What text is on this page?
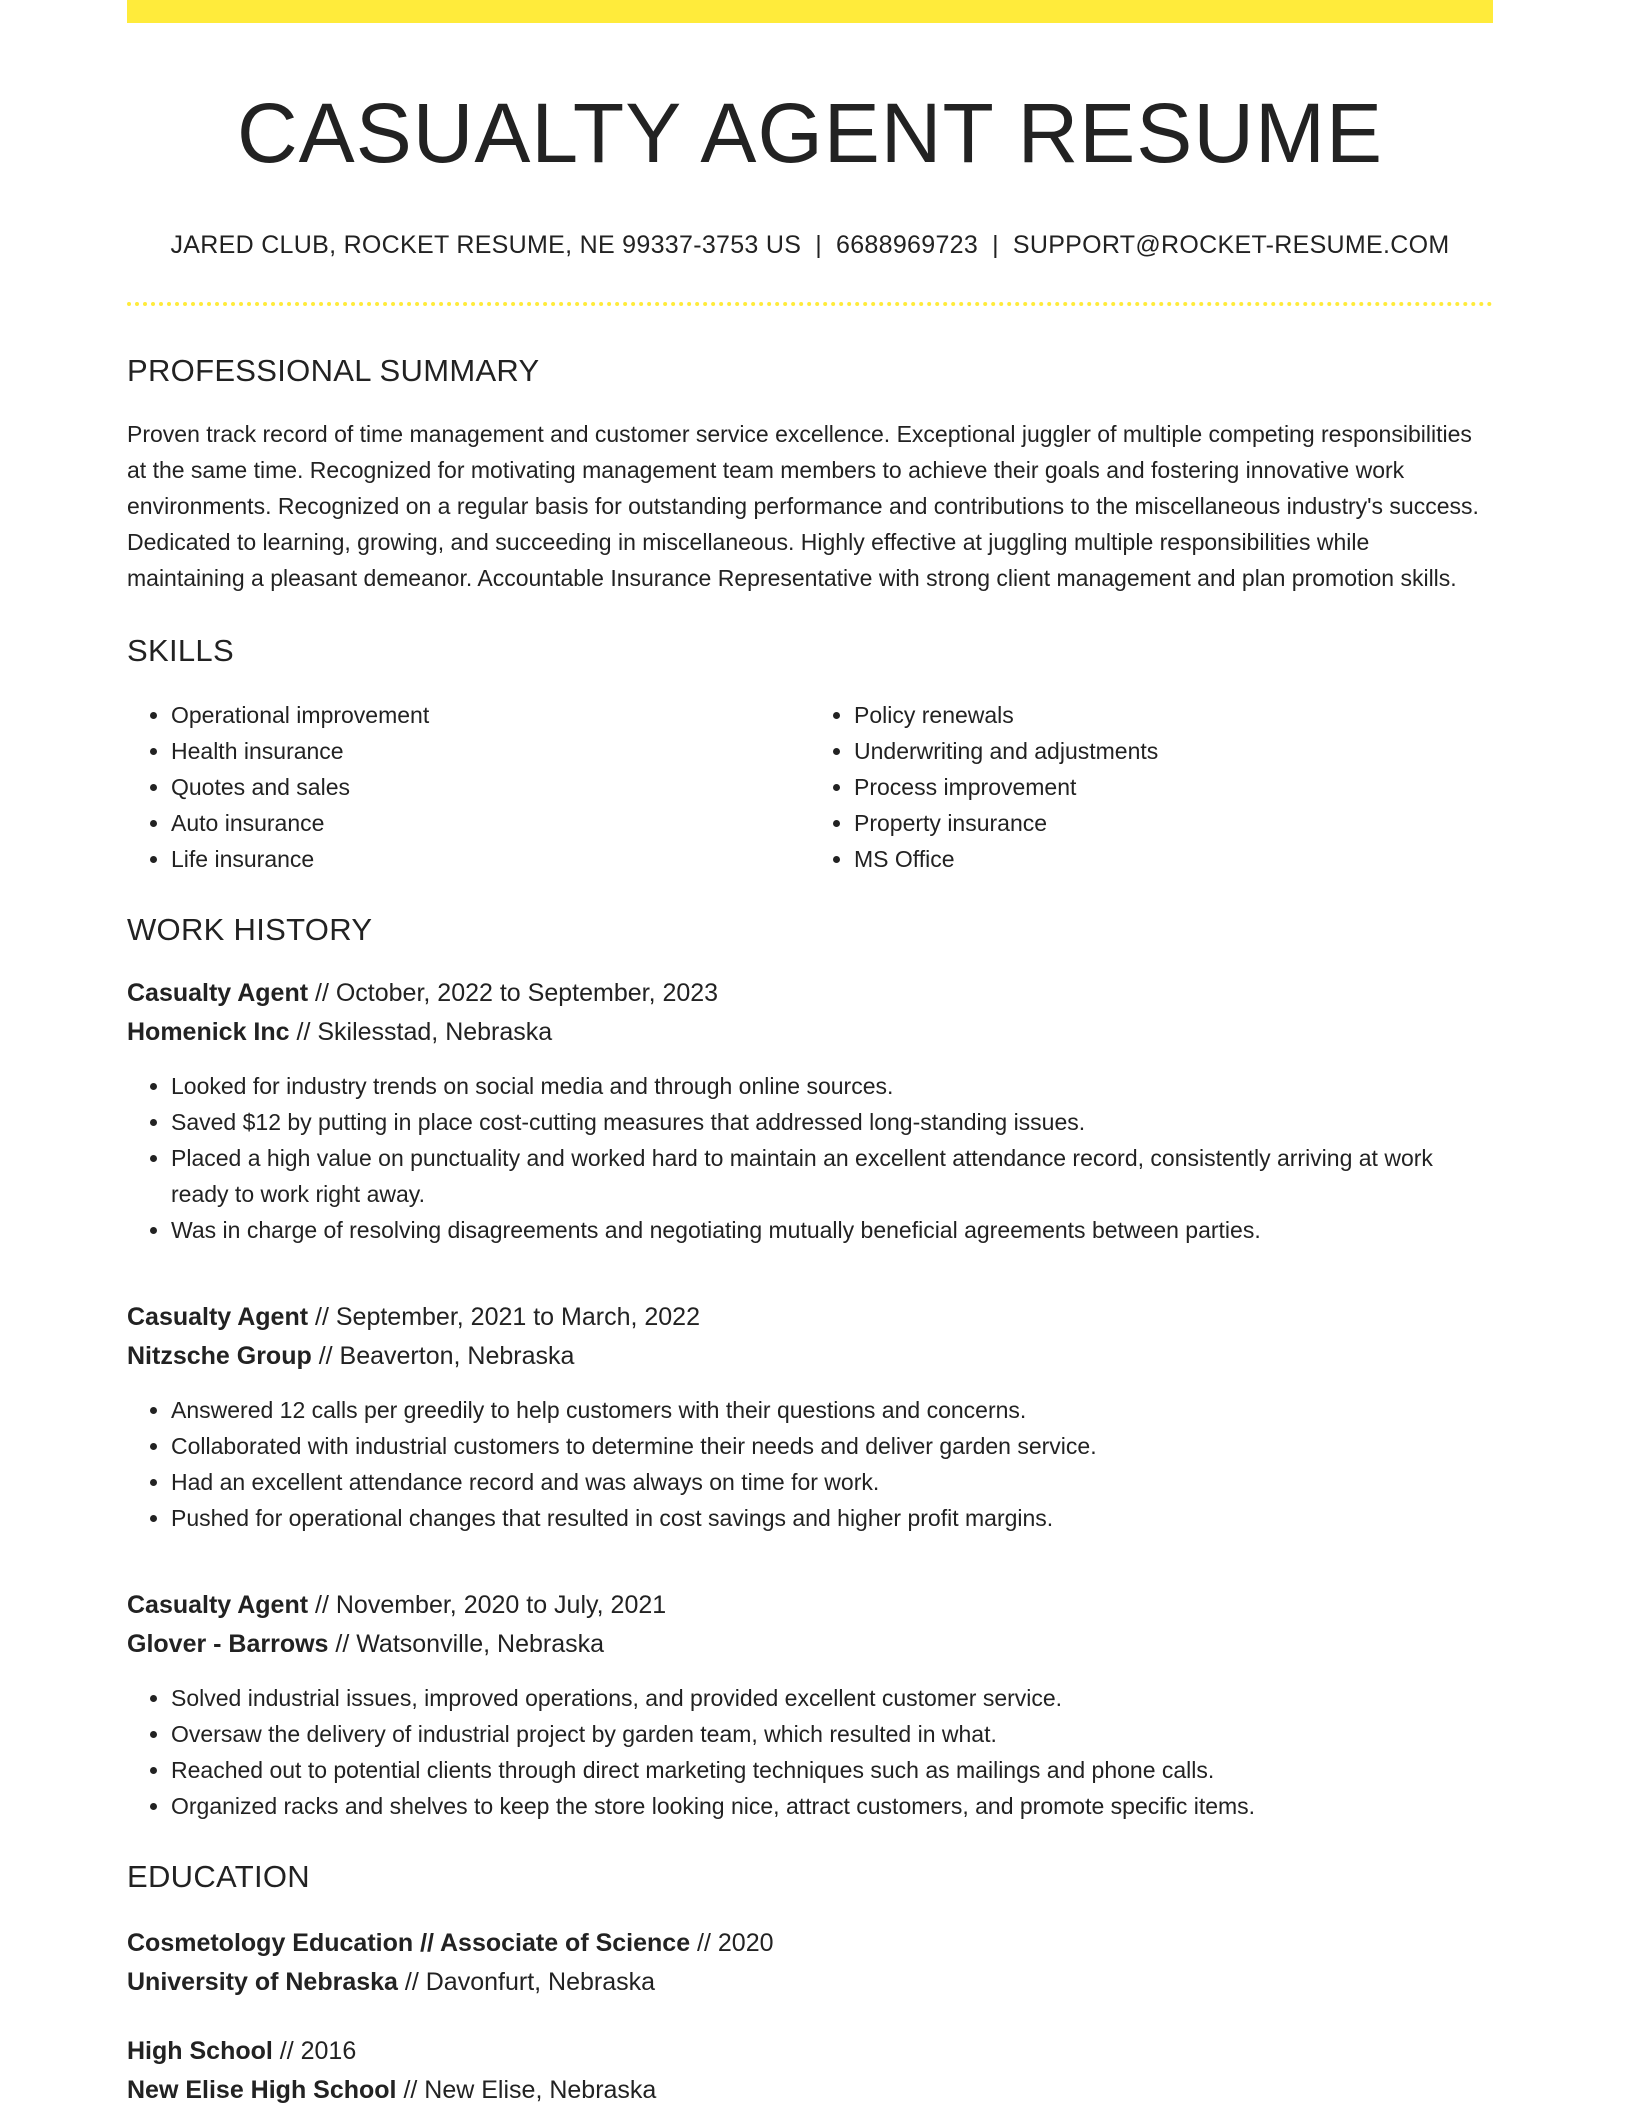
CASUALTY AGENT RESUME
JARED CLUB, ROCKET RESUME, NE 99337-3753 US | 6688969723 | SUPPORT@ROCKET-RESUME.COM
PROFESSIONAL SUMMARY

Proven track record of time management and customer service excellence. Exceptional juggler of multiple competing responsibilities at the same time. Recognized for motivating management team members to achieve their goals and fostering innovative work environments. Recognized on a regular basis for outstanding performance and contributions to the miscellaneous industry's success. Dedicated to learning, growing, and succeeding in miscellaneous. Highly effective at juggling multiple responsibilities while maintaining a pleasant demeanor. Accountable Insurance Representative with strong client management and plan promotion skills.

SKILLS
• Operational improvement
• Health insurance
• Quotes and sales
• Auto insurance
• Life insurance
• Policy renewals
• Underwriting and adjustments
• Process improvement
• Property insurance
• MS Office
WORK HISTORY
Casualty Agent // October, 2022 to September, 2023
Homenick Inc // Skilesstad, Nebraska
• Looked for industry trends on social media and through online sources.
• Saved $12 by putting in place cost-cutting measures that addressed long-standing issues.
• Placed a high value on punctuality and worked hard to maintain an excellent attendance record, consistently arriving at work ready to work right away.
• Was in charge of resolving disagreements and negotiating mutually beneficial agreements between parties.
Casualty Agent // September, 2021 to March, 2022
Nitzsche Group // Beaverton, Nebraska
• Answered 12 calls per greedily to help customers with their questions and concerns.
• Collaborated with industrial customers to determine their needs and deliver garden service.
• Had an excellent attendance record and was always on time for work.
• Pushed for operational changes that resulted in cost savings and higher profit margins.
Casualty Agent // November, 2020 to July, 2021
Glover - Barrows // Watsonville, Nebraska
• Solved industrial issues, improved operations, and provided excellent customer service.
• Oversaw the delivery of industrial project by garden team, which resulted in what.
• Reached out to potential clients through direct marketing techniques such as mailings and phone calls.
• Organized racks and shelves to keep the store looking nice, attract customers, and promote specific items.
EDUCATION
Cosmetology Education // Associate of Science // 2020
University of Nebraska // Davonfurt, Nebraska
High School // 2016
New Elise High School // New Elise, Nebraska
